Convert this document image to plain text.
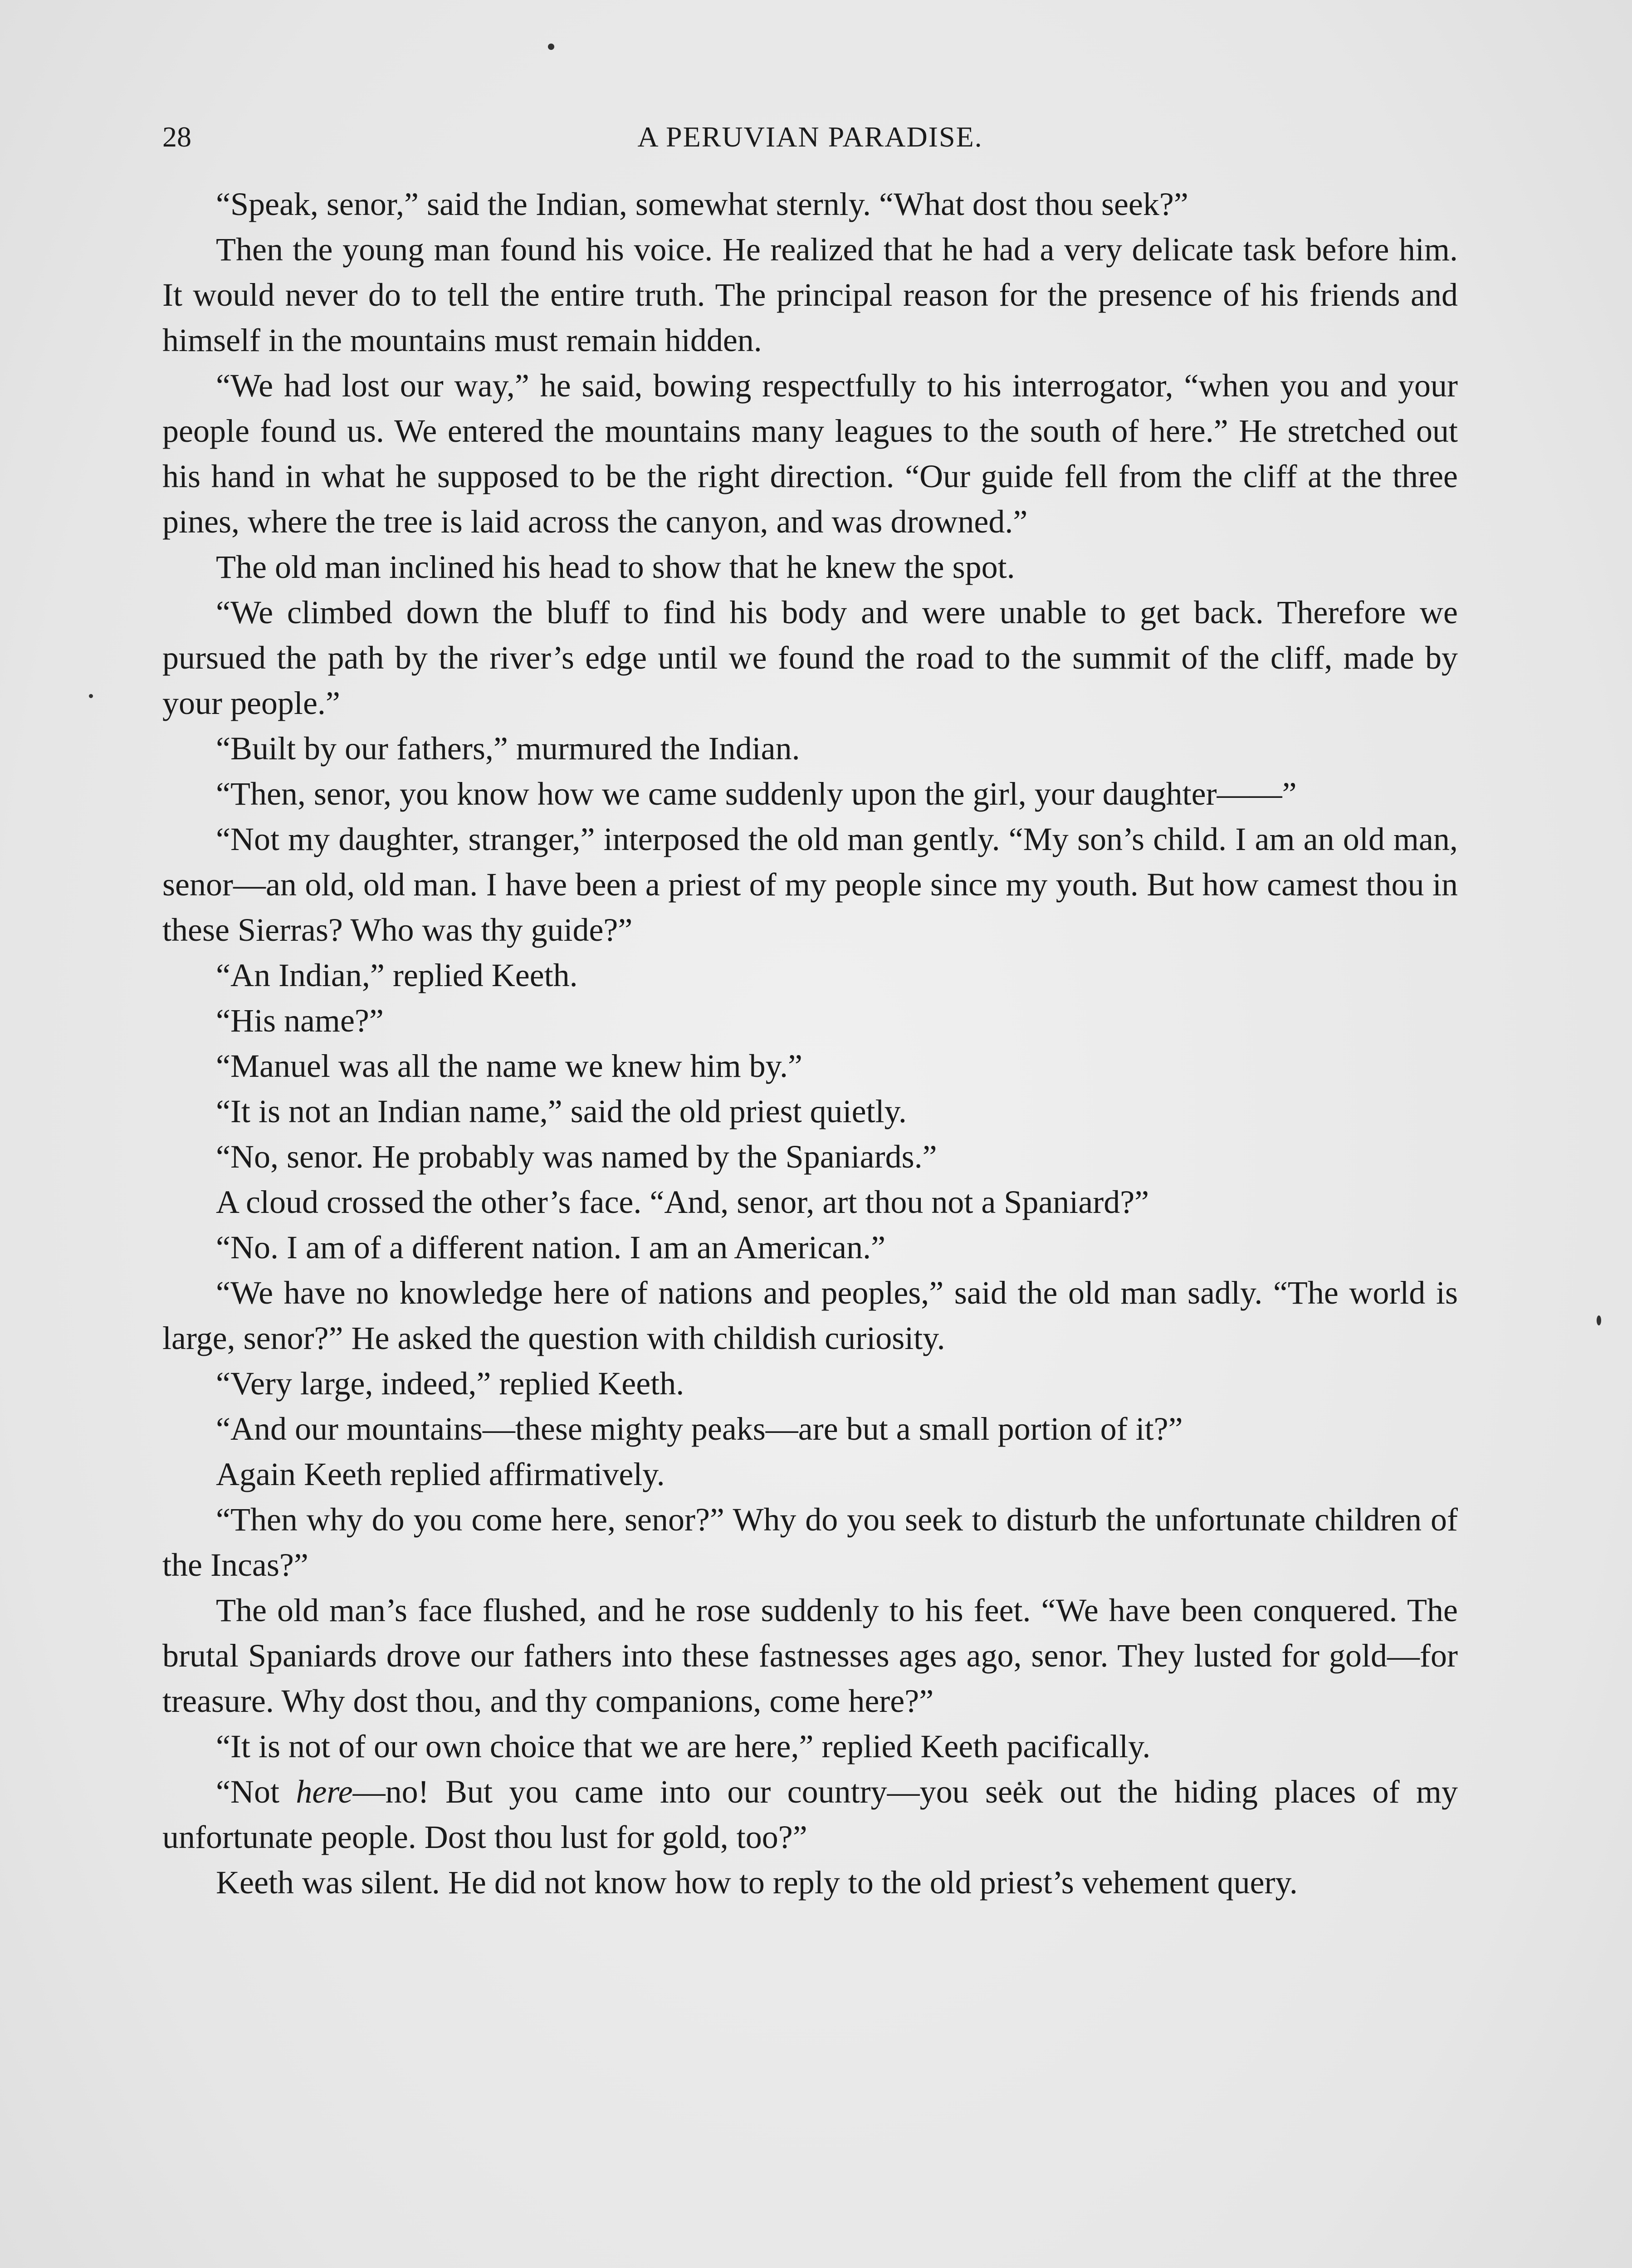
28	A PERUVIAN PARADISE.

“Speak, senor,” said the Indian, somewhat sternly. “What dost thou seek?”

Then the young man found his voice. He realized that he had a very delicate task before him. It would never do to tell the entire truth. The principal reason for the presence of his friends and himself in the mountains must remain hidden.

“We had lost our way,” he said, bowing respectfully to his interrogator, “when you and your people found us. We entered the mountains many leagues to the south of here.” He stretched out his hand in what he supposed to be the right direction. “Our guide fell from the cliff at the three pines, where the tree is laid across the canyon, and was drowned.”

The old man inclined his head to show that he knew the spot.

“We climbed down the bluff to find his body and were unable to get back. Therefore we pursued the path by the river’s edge until we found the road to the summit of the cliff, made by your people.”

“Built by our fathers,” murmured the Indian.

“Then, senor, you know how we came suddenly upon the girl, your daughter——”

“Not my daughter, stranger,” interposed the old man gently. “My son’s child. I am an old man, senor—an old, old man. I have been a priest of my people since my youth. But how camest thou in these Sierras? Who was thy guide?”

“An Indian,” replied Keeth.

“His name?”

“Manuel was all the name we knew him by.”

“It is not an Indian name,” said the old priest quietly.

“No, senor. He probably was named by the Spaniards.”

A cloud crossed the other’s face. “And, senor, art thou not a Spaniard?”

“No. I am of a different nation. I am an American.”

“We have no knowledge here of nations and peoples,” said the old man sadly. “The world is large, senor?” He asked the question with childish curiosity.

“Very large, indeed,” replied Keeth.

“And our mountains—these mighty peaks—are but a small portion of it?”

Again Keeth replied affirmatively.

“Then why do you come here, senor?” Why do you seek to disturb the unfortunate children of the Incas?”

The old man’s face flushed, and he rose suddenly to his feet. “We have been conquered. The brutal Spaniards drove our fathers into these fastnesses ages ago, senor. They lusted for gold—for treasure. Why dost thou, and thy companions, come here?”

“It is not of our own choice that we are here,” replied Keeth pacifically.

“Not here—no! But you came into our country—you seek out the hiding places of my unfortunate people. Dost thou lust for gold, too?”

Keeth was silent. He did not know how to reply to the old priest’s vehement query.
